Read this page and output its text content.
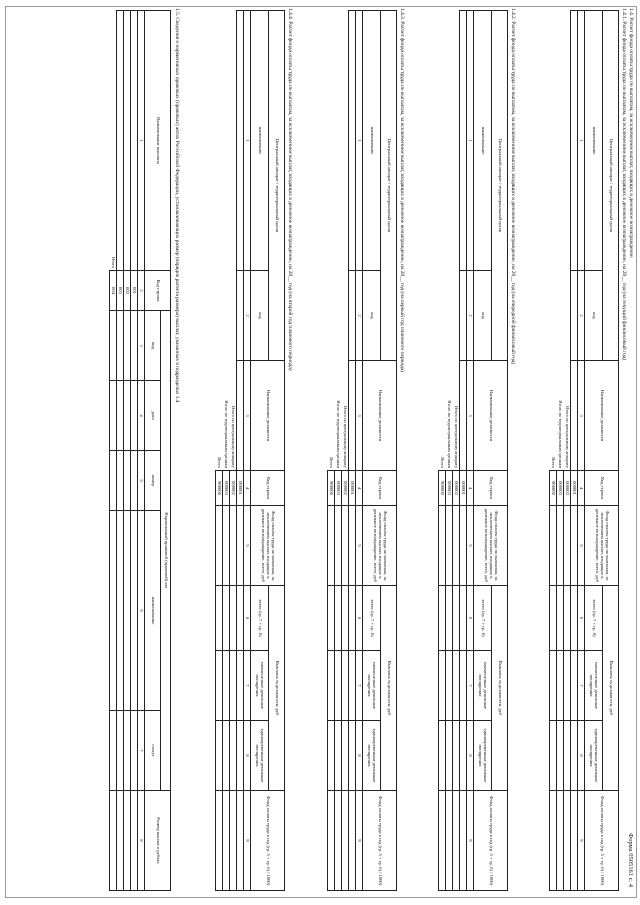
Форма 0505161 с. 4
1.4. Расчет фонда оплаты труда по выплатам, за исключением выплат, входящих в денежное вознаграждение
1.4.1. Расчет фонда оплаты труда по выплатам, за исключением выплат, входящих в денежное вознаграждение, на 20__ год (на текущий финансовый год)
Центральный аппарат / территориальный орган		Наименование должности	Код строки	Фонд оплаты труда по выплатам, за исключением выплат, входящих в денежное вознаграждение, всего, руб	Выплаты за должности, руб			Фонд оплаты труда в год (гр. 5 + гр. 6) / 1000)
наименование	код				всего (гр. 7 + гр. 8)	ежемесячные денежные поощрения	единовременные денежные поощрения	
1	2	3	4	5	6	7	8	9
			000001					
		Итого по центральному аппарату	000002					
		Итого по территориальным органам	000003					
		Всего	900000					
1.4.2. Расчет фонда оплаты труда по выплатам, за исключением выплат, входящих в денежное вознаграждение, на 20__ год (на очередной финансовый год)
Центральный аппарат / территориальный орган		Наименование должности	Код строки	Фонд оплаты труда по выплатам, за исключением выплат, входящих в денежное вознаграждение, всего, руб	Выплаты за должности, руб			Фонд оплаты труда в год (гр. 5 + гр. 6) / 1000)
наименование	код				всего (гр. 7 + гр. 8)	ежемесячные денежные поощрения	единовременные денежные поощрения	
1	2	3	4	5	6	7	8	9
			000001					
		Итого по центральному аппарату	000002					
		Итого по территориальным органам	000003					
		Всего	900000					
1.4.3. Расчет фонда оплаты труда по выплатам, за исключением выплат, входящих в денежное вознаграждение, на 20__ год (на первый год планового периода)
Центральный аппарат / территориальный орган		Наименование должности	Код строки	Фонд оплаты труда по выплатам, за исключением выплат, входящих в денежное вознаграждение, всего, руб	Выплаты за должности, руб			Фонд оплаты труда в год (гр. 5 + гр. 6) / 1000)
наименование	код				всего (гр. 7 + гр. 8)	ежемесячные денежные поощрения	единовременные денежные поощрения	
1	2	3	4	5	6	7	8	9
			000001					
		Итого по центральному аппарату	000002					
		Итого по территориальным органам	000003					
		Всего	900000					
1.4.4. Расчет фонда оплаты труда по выплатам, за исключением выплат, входящих в денежное вознаграждение, на 20__ год (на второй год планового периода)
Центральный аппарат / территориальный орган		Наименование должности	Код строки	Фонд оплаты труда по выплатам, за исключением выплат, входящих в денежное вознаграждение, всего, руб	Выплаты за должности, руб			Фонд оплаты труда в год (гр. 5 + гр. 6) / 1000)
наименование	код				всего (гр. 7 + гр. 8)	ежемесячные денежные поощрения	единовременные денежные поощрения	
1	2	3	4	5	6	7	8	9
			000001					
		Итого по центральному аппарату	000002					
		Итого по территориальным органам	000003					
		Всего	900000					
1.5. Сведения о нормативных правовых (правовых) актах Российской Федерации, устанавливающих размер (порядок расчета размера) выплат, указанных в подразделах 1.4
Наименование выплаты	Код строки	Нормативный правовой (правовой) акт					Размер выплат в рублях	
		вид	дата	номер	наименование	статус	
1	2	3	4	5	6	7	8	
	001							
	002							
	003							
Итого	004							
